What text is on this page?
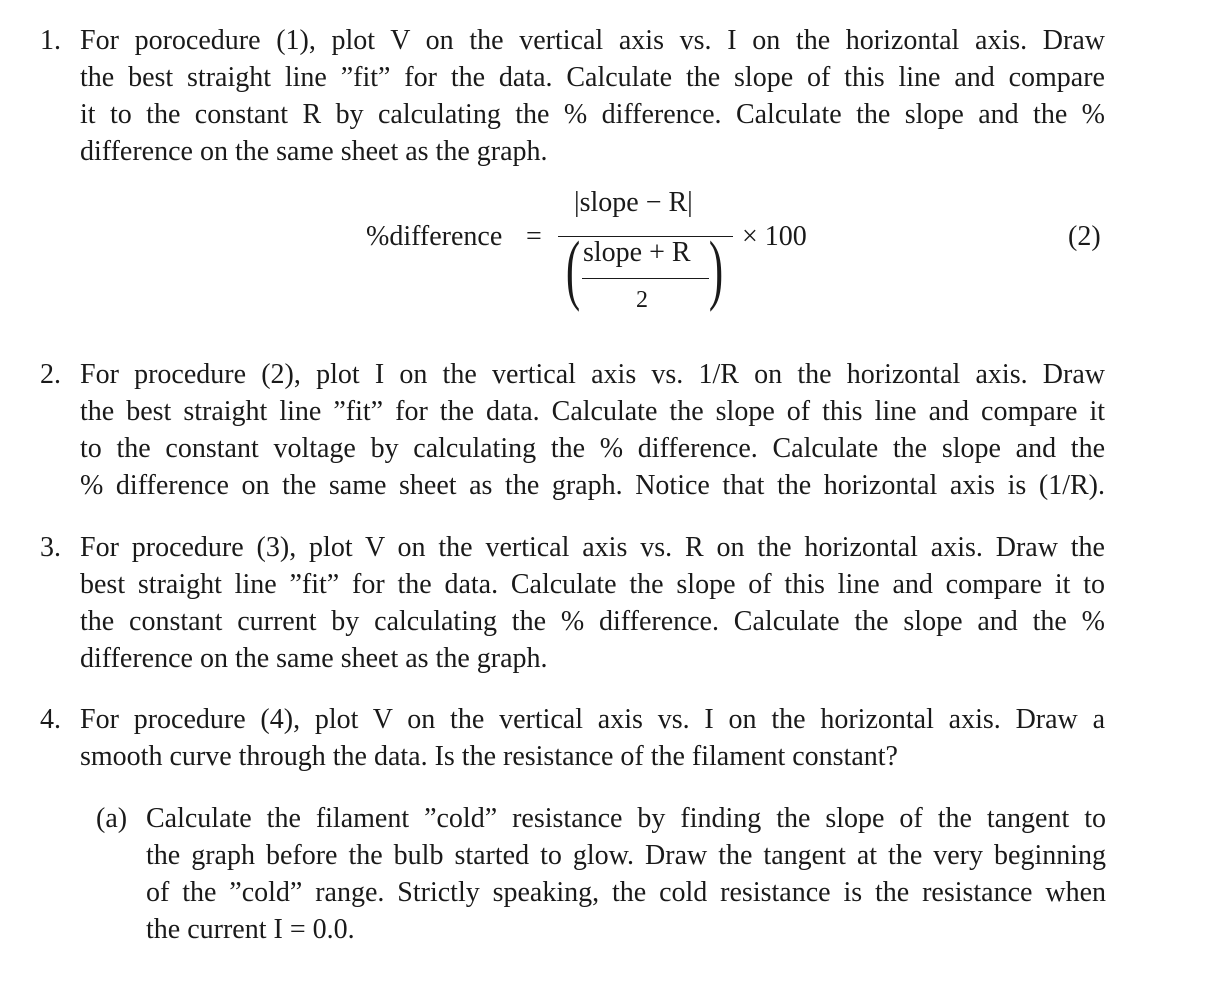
1. For porocedure (1), plot V on the vertical axis vs. I on the horizontal axis. Draw
the best straight line ”fit” for the data. Calculate the slope of this line and compare
it to the constant R by calculating the % difference. Calculate the slope and the %
difference on the same sheet as the graph.
%difference =
|slope − R|
( slope + R
2 ) × 100	(2)
2. For procedure (2), plot I on the vertical axis vs. 1/R on the horizontal axis. Draw
the best straight line ”fit” for the data. Calculate the slope of this line and compare it
to the constant voltage by calculating the % difference. Calculate the slope and the
% difference on the same sheet as the graph. Notice that the horizontal axis is (1/R).
3. For procedure (3), plot V on the vertical axis vs. R on the horizontal axis. Draw the
best straight line ”fit” for the data. Calculate the slope of this line and compare it to
the constant current by calculating the % difference. Calculate the slope and the %
difference on the same sheet as the graph.
4. For procedure (4), plot V on the vertical axis vs. I on the horizontal axis. Draw a
smooth curve through the data. Is the resistance of the filament constant?
(a) Calculate the filament ”cold” resistance by finding the slope of the tangent to
the graph before the bulb started to glow. Draw the tangent at the very beginning
of the ”cold” range. Strictly speaking, the cold resistance is the resistance when
the current I = 0.0.
